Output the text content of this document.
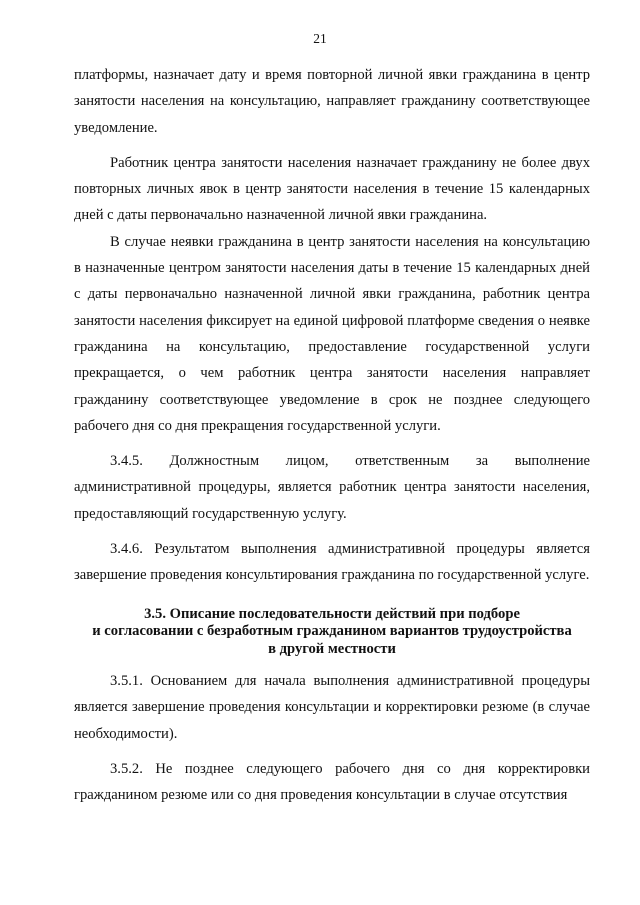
21

платформы, назначает дату и время повторной личной явки гражданина в центр занятости населения на консультацию, направляет гражданину соответствующее уведомление.

Работник центра занятости населения назначает гражданину не более двух повторных личных явок в центр занятости населения в течение 15 календарных дней с даты первоначально назначенной личной явки гражданина.

В случае неявки гражданина в центр занятости населения на консультацию в назначенные центром занятости населения даты в течение 15 календарных дней с даты первоначально назначенной личной явки гражданина, работник центра занятости населения фиксирует на единой цифровой платформе сведения о неявке гражданина на консультацию, предоставление государственной услуги прекращается, о чем работник центра занятости населения направляет гражданину соответствующее уведомление в срок не позднее следующего рабочего дня со дня прекращения государственной услуги.

3.4.5. Должностным лицом, ответственным за выполнение административной процедуры, является работник центра занятости населения, предоставляющий государственную услугу.

3.4.6. Результатом выполнения административной процедуры является завершение проведения консультирования гражданина по государственной услуге.

3.5. Описание последовательности действий при подборе
и согласовании с безработным гражданином вариантов трудоустройства
в другой местности

3.5.1. Основанием для начала выполнения административной процедуры является завершение проведения консультации и корректировки резюме (в случае необходимости).

3.5.2. Не позднее следующего рабочего дня со дня корректировки гражданином резюме или со дня проведения консультации в случае отсутствия
